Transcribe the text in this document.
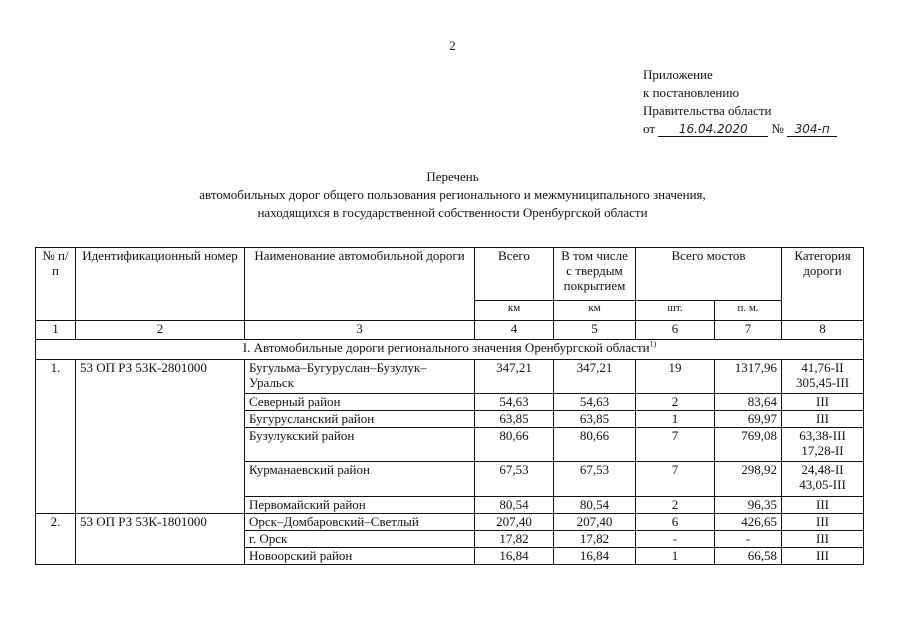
2
Приложение
к постановлению
Правительства области
от 16.04.2020 № 304-п
Перечень
автомобильных дорог общего пользования регионального и межмуниципального значения,
находящихся в государственной собственности Оренбургской области
№ п/п	Идентификационный номер	Наименование автомобильной дороги	Всего	В том числе с твердым покрытием	Всего мостов		Категория дороги
			км	км	шт.	п. м.	
1	2	3	4	5	6	7	8
I. Автомобильные дороги регионального значения Оренбургской области$^{1)}$
1.	53 ОП РЗ 53К-2801000	Бугульма–Бугуруслан–Бузулук–Уральск	347,21	347,21	19	1317,96	41,76-II
305,45-III

		Северный район	54,63	54,63	2	83,64	III
		Бугурусланский район	63,85	63,85	1	69,97	III
		Бузулукский район	80,66	80,66	7	769,08	63,38-III
17,28-II

		Курманаевский район	67,53	67,53	7	298,92	24,48-II
43,05-III

		Первомайский район	80,54	80,54	2	96,35	III
2.	53 ОП РЗ 53К-1801000	Орск–Домбаровский–Светлый	207,40	207,40	6	426,65	III
		г. Орск	17,82	17,82	-	-	III
		Новоорский район	16,84	16,84	1	66,58	III
